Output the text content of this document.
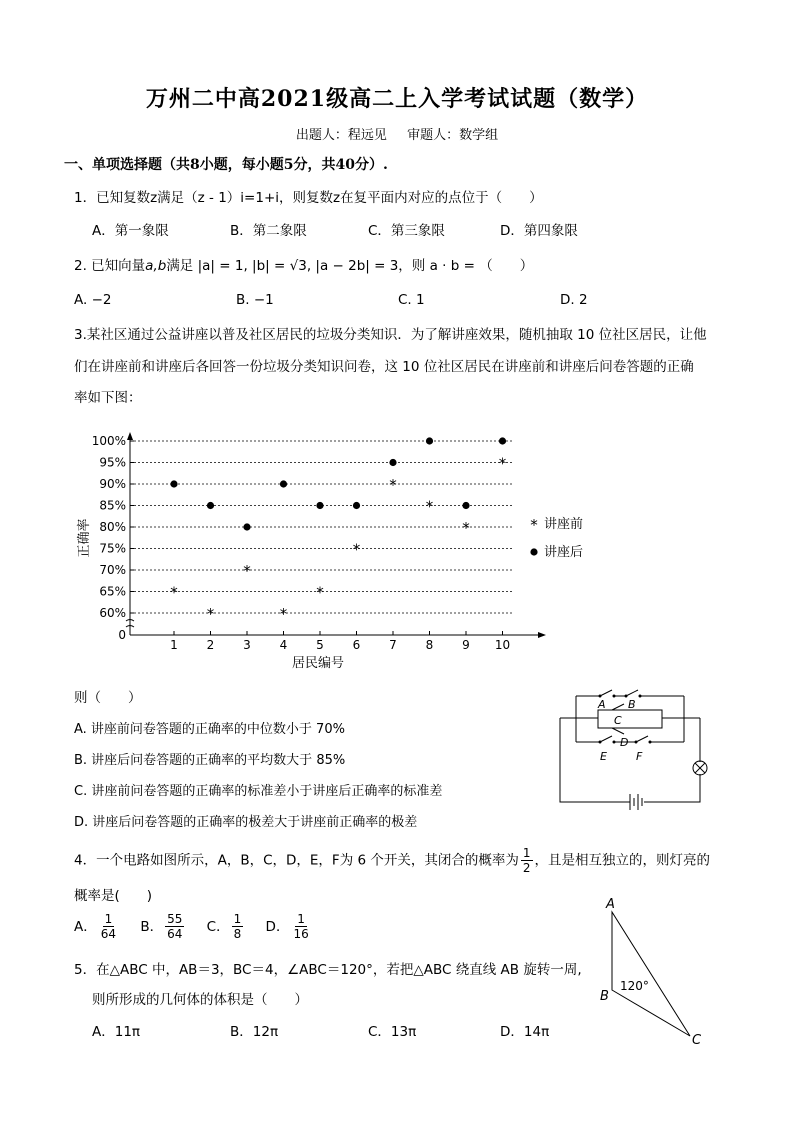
万州二中高2021级高二上入学考试试题（数学）
出题人：程远见 审题人：数学组
一、单项选择题（共8小题，每小题5分，共40分）.
1．已知复数z满足（z - 1）i=1+i，则复数z在复平面内对应的点位于（　　）
A．第一象限	B．第二象限	C．第三象限	D．第四象限
2. 已知向量a,b满足 |a| = 1, |b| = √3, |a − 2b| = 3，则 a · b = （　　）
A. −2	B. −1	C. 1	D. 2
3.某社区通过公益讲座以普及社区居民的垃圾分类知识．为了解讲座效果，随机抽取 10 位社区居民，让他
们在讲座前和讲座后各回答一份垃圾分类知识问卷，这 10 位社区居民在讲座前和讲座后问卷答题的正确
率如下图：
0
60%
65%
70%
75%
80%
85%
90%
95%
100%
1 2 3 4 5 6 7 8 9 10
正确率
*
*
*
*
*
*
*
*
*
*
* 讲座前
讲座后
居民编号
则（　　）
A. 讲座前问卷答题的正确率的中位数小于 70%
B. 讲座后问卷答题的正确率的平均数大于 85%
C. 讲座前问卷答题的正确率的标准差小于讲座后正确率的标准差
D. 讲座后问卷答题的正确率的极差大于讲座前正确率的极差
A B
C
D
E	F
4．一个电路如图所示，A，B，C，D，E，F为 6 个开关，其闭合的概率为 $\frac{1}{2}$ ，且是相互独立的，则灯亮的
概率是(　　)
A． $\frac{1}{64}$ B． $\frac{55}{64}$ C． $\frac{1}{8}$ D． $\frac{1}{16}$
A
B
C
120°
5．在△ABC 中，AB＝3，BC＝4，∠ABC＝120°，若把△ABC 绕直线 AB 旋转一周,
则所形成的几何体的体积是（　　）
A．11π	B．12π	C．13π	D．14π
